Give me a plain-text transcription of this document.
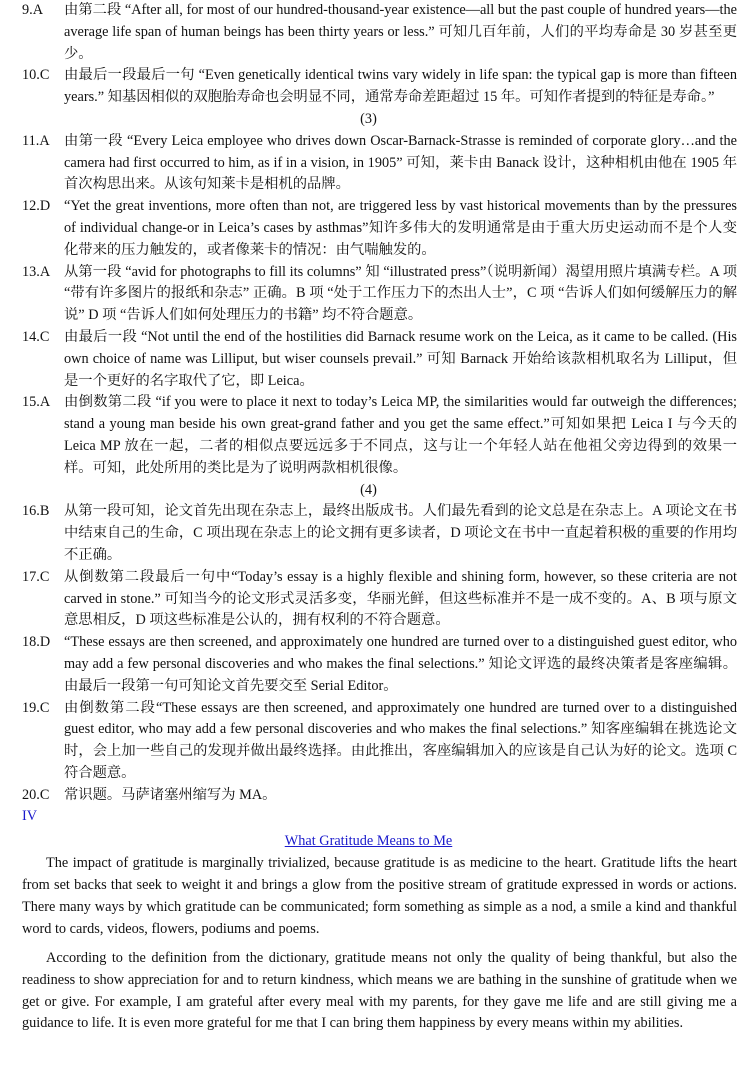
9.A 由第二段 “After all, for most of our hundred-thousand-year existence—all but the past couple of hundred years—the average life span of human beings has been thirty years or less.” 可知几百年前，人们的平均寿命是 30 岁甚至更少。
10.C 由最后一段最后一句 “Even genetically identical twins vary widely in life span: the typical gap is more than fifteen years.” 知基因相似的双胞胎寿命也会明显不同，通常寿命差距超过 15 年。可知作者提到的特征是寿命。”
(3)
11.A 由第一段 “Every Leica employee who drives down Oscar-Barnack-Strasse is reminded of corporate glory…and the camera had first occurred to him, as if in a vision, in 1905” 可知，莱卡由 Banack 设计，这种相机由他在 1905 年首次构思出来。从该句知莱卡是相机的品牌。
12.D “Yet the great inventions, more often than not, are triggered less by vast historical movements than by the pressures of individual change-or in Leica’s cases by asthmas”知许多伟大的发明通常是由于重大历史运动而不是个人变化带来的压力触发的，或者像莱卡的情况：由气喘触发的。
13.A 从第一段 “avid for photographs to fill its columns” 知 “illustrated press”（说明新闻）渴望用照片填满专栏。A 项 “带有许多图片的报纸和杂志” 正确。B 项 “处于工作压力下的杰出人士”，C 项 “告诉人们如何缓解压力的解说” D 项 “告诉人们如何处理压力的书籍” 均不符合题意。
14.C 由最后一段 “Not until the end of the hostilities did Barnack resume work on the Leica, as it came to be called. (His own choice of name was Lilliput, but wiser counsels prevail.” 可知 Barnack 开始给该款相机取名为 Lilliput，但是一个更好的名字取代了它，即 Leica。
15.A 由倒数第二段 “if you were to place it next to today’s Leica MP, the similarities would far outweigh the differences; stand a young man beside his own great-grand father and you get the same effect.”可知如果把 Leica I 与今天的 Leica MP 放在一起，二者的相似点要远远多于不同点，这与让一个年轻人站在他祖父旁边得到的效果一样。可知，此处所用的类比是为了说明两款相机很像。
(4)
16.B 从第一段可知，论文首先出现在杂志上，最终出版成书。人们最先看到的论文总是在杂志上。A 项论文在书中结束自己的生命，C 项出现在杂志上的论文拥有更多读者，D 项论文在书中一直起着积极的重要的作用均不正确。
17.C 从倒数第二段最后一句中“Today’s essay is a highly flexible and shining form, however, so these criteria are not carved in stone.” 可知当今的论文形式灵活多变，华丽光鲜，但这些标准并不是一成不变的。A、B 项与原文意思相反，D 项这些标准是公认的，拥有权利的不符合题意。
18.D “These essays are then screened, and approximately one hundred are turned over to a distinguished guest editor, who may add a few personal discoveries and who makes the final selections.” 知论文评选的最终决策者是客座编辑。由最后一段第一句可知论文首先要交至 Serial Editor。
19.C 由倒数第二段“These essays are then screened, and approximately one hundred are turned over to a distinguished guest editor, who may add a few personal discoveries and who makes the final selections.” 知客座编辑在挑选论文时，会上加一些自己的发现并做出最终选择。由此推出，客座编辑加入的应该是自己认为好的论文。选项 C 符合题意。
20.C 常识题。马萨诸塞州缩写为 MA。
IV
What Gratitude Means to Me

The impact of gratitude is marginally trivialized, because gratitude is as medicine to the heart. Gratitude lifts the heart from set backs that seek to weight it and brings a glow from the positive stream of gratitude expressed in words or actions. There many ways by which gratitude can be communicated; form something as simple as a nod, a smile a kind and thankful word to cards, videos, flowers, podiums and poems.

According to the definition from the dictionary, gratitude means not only the quality of being thankful, but also the readiness to show appreciation for and to return kindness, which means we are bathing in the sunshine of gratitude when we get or give. For example, I am grateful after every meal with my parents, for they gave me life and are still giving me a guidance to life. It is even more grateful for me that I can bring them happiness by every means within my abilities.
